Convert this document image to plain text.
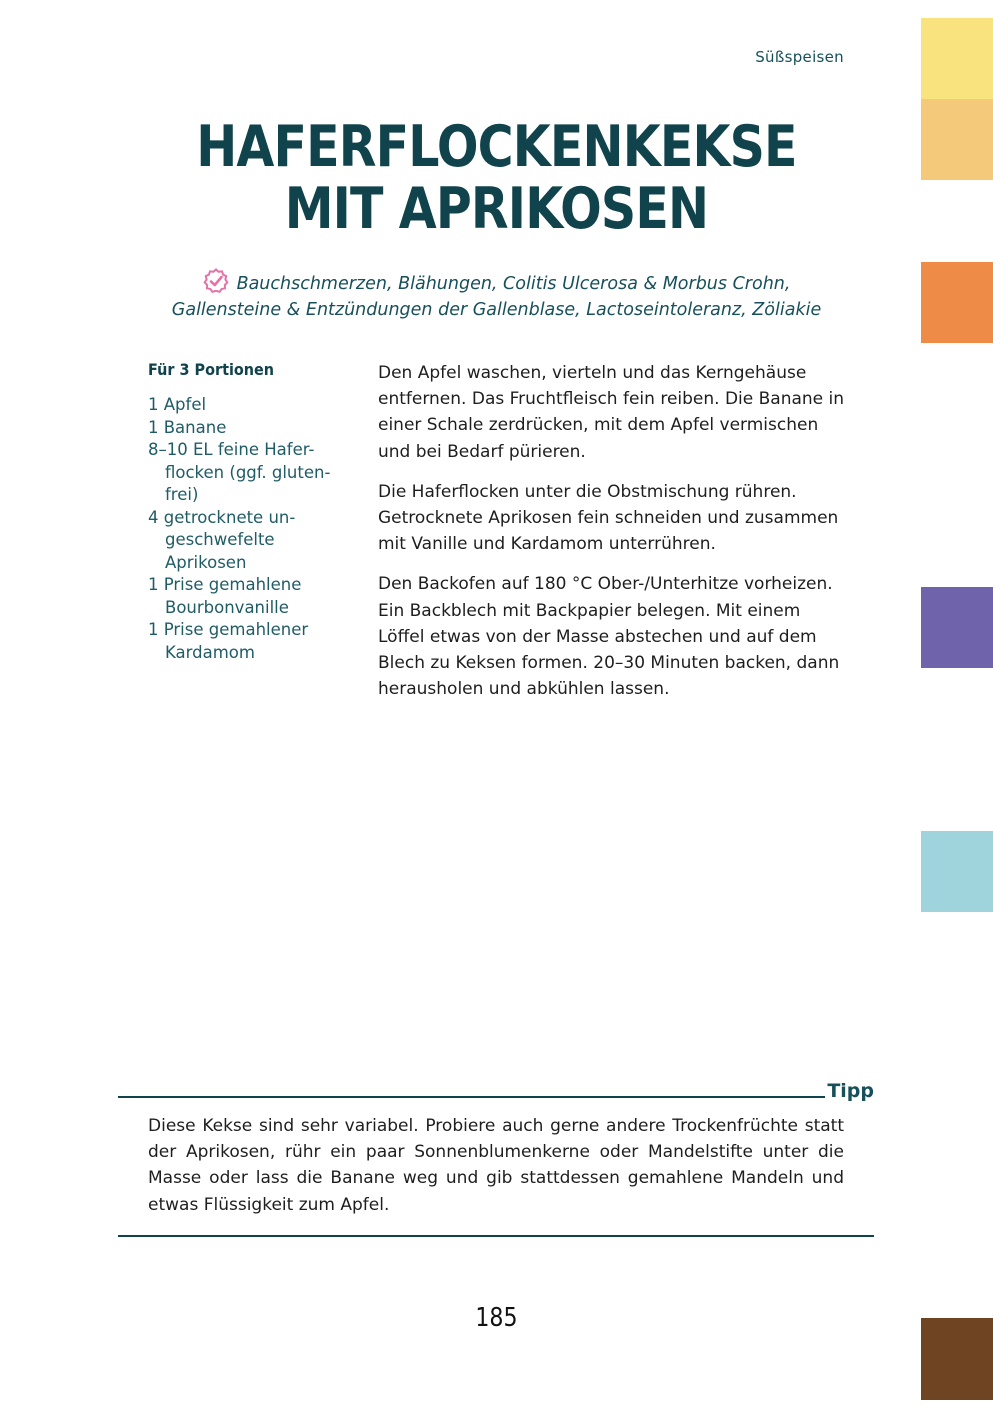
Süßspeisen
HAFERFLOCKENKEKSE
MIT APRIKOSEN
Bauchschmerzen, Blähungen, Colitis Ulcerosa & Morbus Crohn,
Gallensteine & Entzündungen der Gallenblase, Lactoseintoleranz, Zöliakie
Für 3 Portionen
1 Apfel
1 Banane
8–10 EL feine Hafer-flocken (ggf. gluten-frei)
4 getrocknete un-geschwefelte Aprikosen
1 Prise gemahlene Bourbonvanille
1 Prise gemahlener Kardamom

Den Apfel waschen, vierteln und das Kerngehäuse entfernen. Das Fruchtfleisch fein reiben. Die Banane in einer Schale zerdrücken, mit dem Apfel vermischen und bei Bedarf pürieren.

Die Haferflocken unter die Obstmischung rühren. Getrocknete Aprikosen fein schneiden und zusammen mit Vanille und Kardamom unterrühren.

Den Backofen auf 180 °C Ober-/Unterhitze vorheizen. Ein Backblech mit Backpapier belegen. Mit einem Löffel etwas von der Masse abstechen und auf dem Blech zu Keksen formen. 20–30 Minuten backen, dann herausholen und abkühlen lassen.

Tipp
Diese Kekse sind sehr variabel. Probiere auch gerne andere Trockenfrüchte statt der Aprikosen, rühr ein paar Sonnenblumenkerne oder Mandelstifte unter die Masse oder lass die Banane weg und gib stattdessen gemahlene Mandeln und etwas Flüssigkeit zum Apfel.
185
